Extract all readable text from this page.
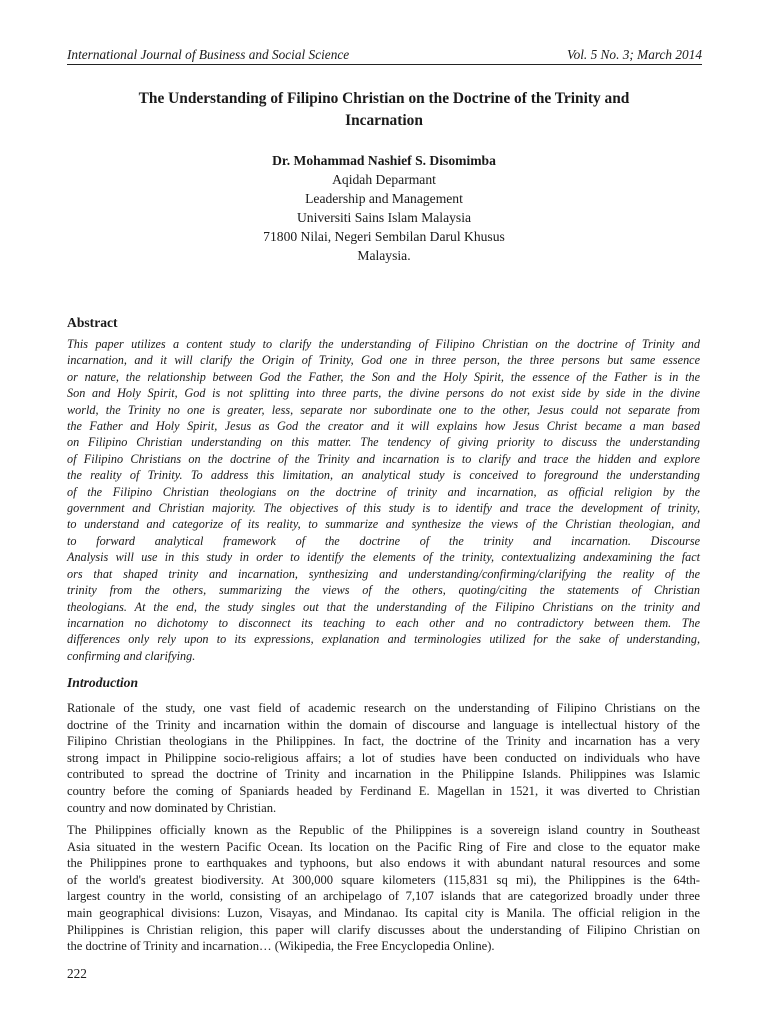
International Journal of Business and Social Science	Vol. 5 No. 3; March 2014
The Understanding of Filipino Christian on the Doctrine of the Trinity and
Incarnation
Dr. Mohammad Nashief S. Disomimba
Aqidah Deparmant
Leadership and Management
Universiti Sains Islam Malaysia
71800 Nilai, Negeri Sembilan Darul Khusus
Malaysia.
Abstract
This paper utilizes a content study to clarify the understanding of Filipino Christian on the doctrine of Trinity and
incarnation, and it will clarify the Origin of Trinity, God one in three person, the three persons but same essence
or nature, the relationship between God the Father, the Son and the Holy Spirit, the essence of the Father is in the
Son and Holy Spirit, God is not splitting into three parts, the divine persons do not exist side by side in the divine
world, the Trinity no one is greater, less, separate nor subordinate one to the other, Jesus could not separate from
the Father and Holy Spirit, Jesus as God the creator and it will explains how Jesus Christ became a man based
on Filipino Christian understanding on this matter. The tendency of giving priority to discuss the understanding
of Filipino Christians on the doctrine of the Trinity and incarnation is to clarify and trace the hidden and explore
the reality of Trinity. To address this limitation, an analytical study is conceived to foreground the understanding
of the Filipino Christian theologians on the doctrine of trinity and incarnation, as official religion by the
government and Christian majority. The objectives of this study is to identify and trace the development of trinity,
to understand and categorize of its reality, to summarize and synthesize the views of the Christian theologian, and
to forward analytical framework of the doctrine of the trinity and incarnation. Discourse
Analysis will use in this study in order to identify the elements of the trinity, contextualizing andexamining the fact
ors that shaped trinity and incarnation, synthesizing and understanding/confirming/clarifying the reality of the
trinity from the others, summarizing the views of the others, quoting/citing the statements of Christian
theologians. At the end, the study singles out that the understanding of the Filipino Christians on the trinity and
incarnation no dichotomy to disconnect its teaching to each other and no contradictory between them. The
differences only rely upon to its expressions, explanation and terminologies utilized for the sake of understanding,
confirming and clarifying.
Introduction
Rationale of the study, one vast field of academic research on the understanding of Filipino Christians on the
doctrine of the Trinity and incarnation within the domain of discourse and language is intellectual history of the
Filipino Christian theologians in the Philippines. In fact, the doctrine of the Trinity and incarnation has a very
strong impact in Philippine socio-religious affairs; a lot of studies have been conducted on individuals who have
contributed to spread the doctrine of Trinity and incarnation in the Philippine Islands. Philippines was Islamic
country before the coming of Spaniards headed by Ferdinand E. Magellan in 1521, it was diverted to Christian
country and now dominated by Christian.
The Philippines officially known as the Republic of the Philippines is a sovereign island country in Southeast
Asia situated in the western Pacific Ocean. Its location on the Pacific Ring of Fire and close to the equator make
the Philippines prone to earthquakes and typhoons, but also endows it with abundant natural resources and some
of the world's greatest biodiversity. At 300,000 square kilometers (115,831 sq mi), the Philippines is the 64th-
largest country in the world, consisting of an archipelago of 7,107 islands that are categorized broadly under three
main geographical divisions: Luzon, Visayas, and Mindanao. Its capital city is Manila. The official religion in the
Philippines is Christian religion, this paper will clarify discusses about the understanding of Filipino Christian on
the doctrine of Trinity and incarnation… (Wikipedia, the Free Encyclopedia Online).
222
